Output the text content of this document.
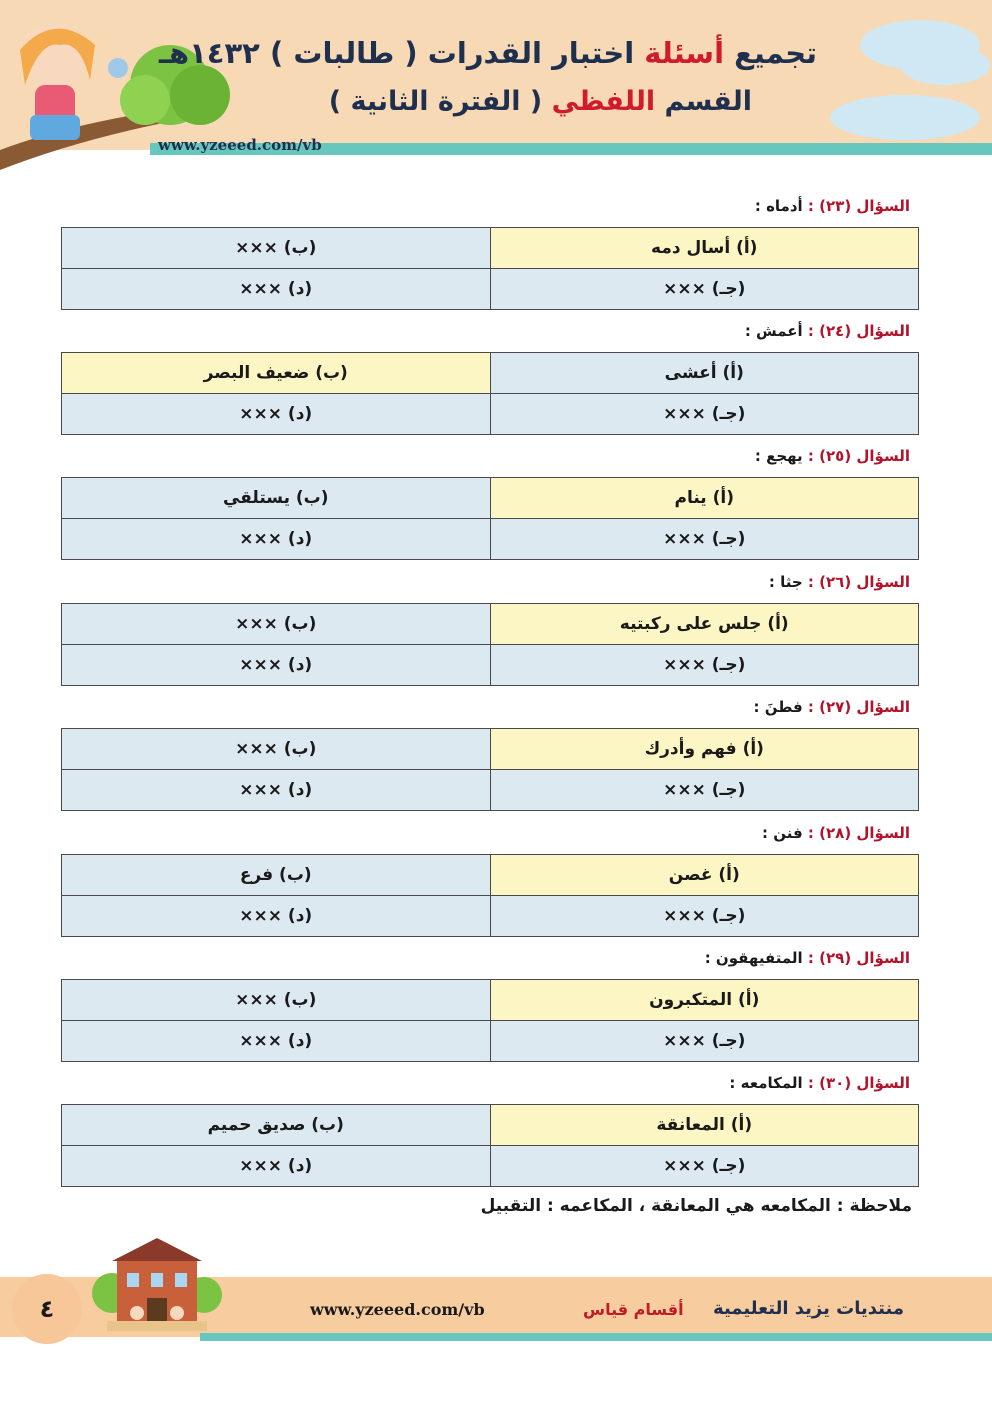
تجميع أسئلة اختبار القدرات ( طالبات ) ١٤٣٢هـ
القسم اللفظي ( الفترة الثانية )
www.yzeeed.com/vb
السؤال (٢٣) : أدماه :
(أ) أسال دمه	(ب) ×××
(جـ) ×××	(د) ×××
السؤال (٢٤) : أعمش :
(أ) أعشى	(ب) ضعيف البصر
(جـ) ×××	(د) ×××
السؤال (٢٥) : يهجع :
(أ) ينام	(ب) يستلقي
(جـ) ×××	(د) ×××
السؤال (٢٦) : جثا :
(أ) جلس على ركبتيه	(ب) ×××
(جـ) ×××	(د) ×××
السؤال (٢٧) : فطنَ :
(أ) فهم وأدرك	(ب) ×××
(جـ) ×××	(د) ×××
السؤال (٢٨) : فنن :
(أ) غصن	(ب) فرع
(جـ) ×××	(د) ×××
السؤال (٢٩) : المتفيهقون :
(أ) المتكبرون	(ب) ×××
(جـ) ×××	(د) ×××
السؤال (٣٠) : المكامعه :
(أ) المعانقة	(ب) صديق حميم
(جـ) ×××	(د) ×××
ملاحظة : المكامعه هي المعانقة ، المكاعمه : التقبيل
٤	www.yzeeed.com/vb	أقسام قياس منتديات يزيد التعليمية
